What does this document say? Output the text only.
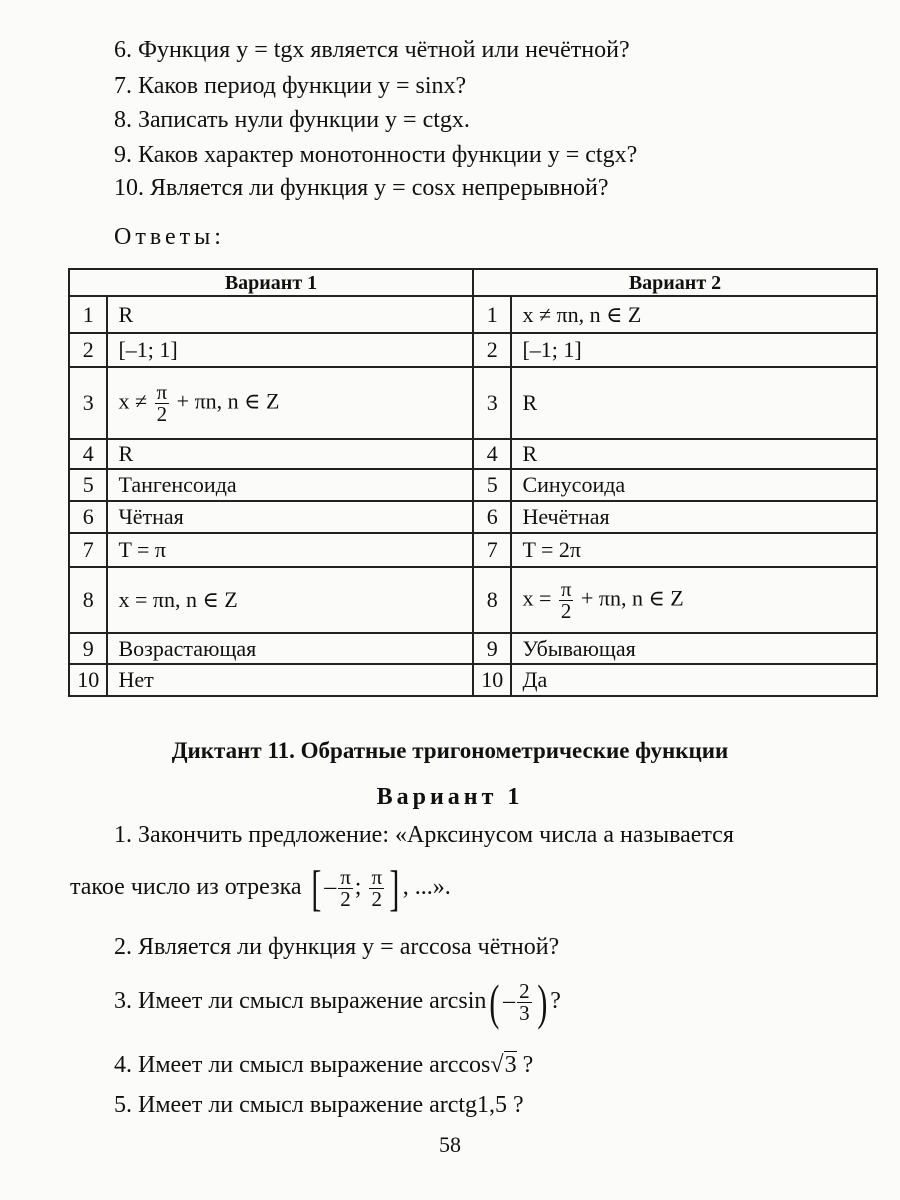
6. Функция y = tgx является чётной или нечётной?
7. Каков период функции y = sinx?
8. Записать нули функции y = ctgx.
9. Каков характер монотонности функции y = ctgx?
10. Является ли функция y = cosx непрерывной?
Ответы:
Вариант 1		Вариант 2	
1	R	1	x ≠ πn, n ∈ Z
2	[–1; 1]	2	[–1; 1]
3	$x \ne \frac{\pi}{2} + \pi n$, n ∈ Z	3	R
4	R	4	R
5	Тангенсоида	5	Синусоида
6	Чётная	6	Нечётная
7	T = π	7	T = 2π
8	x = πn, n ∈ Z	8	$x = \frac{\pi}{2} + \pi n$, n ∈ Z
9	Возрастающая	9	Убывающая
10	Нет	10	Да
Диктант 11. Обратные тригонометрические функции
Вариант 1
1. Закончить предложение: «Арксинусом числа a называется
такое число из отрезка [ – $\frac{\pi}{2}$ ; $\frac{\pi}{2}$ ] , ...».
2. Является ли функция y = arccosa чётной?
3. Имеет ли смысл выражение $\arcsin( - \frac{2}{3}$ ) ?
4. Имеет ли смысл выражение arccos√3 ?
5. Имеет ли смысл выражение arctg1,5 ?
58
